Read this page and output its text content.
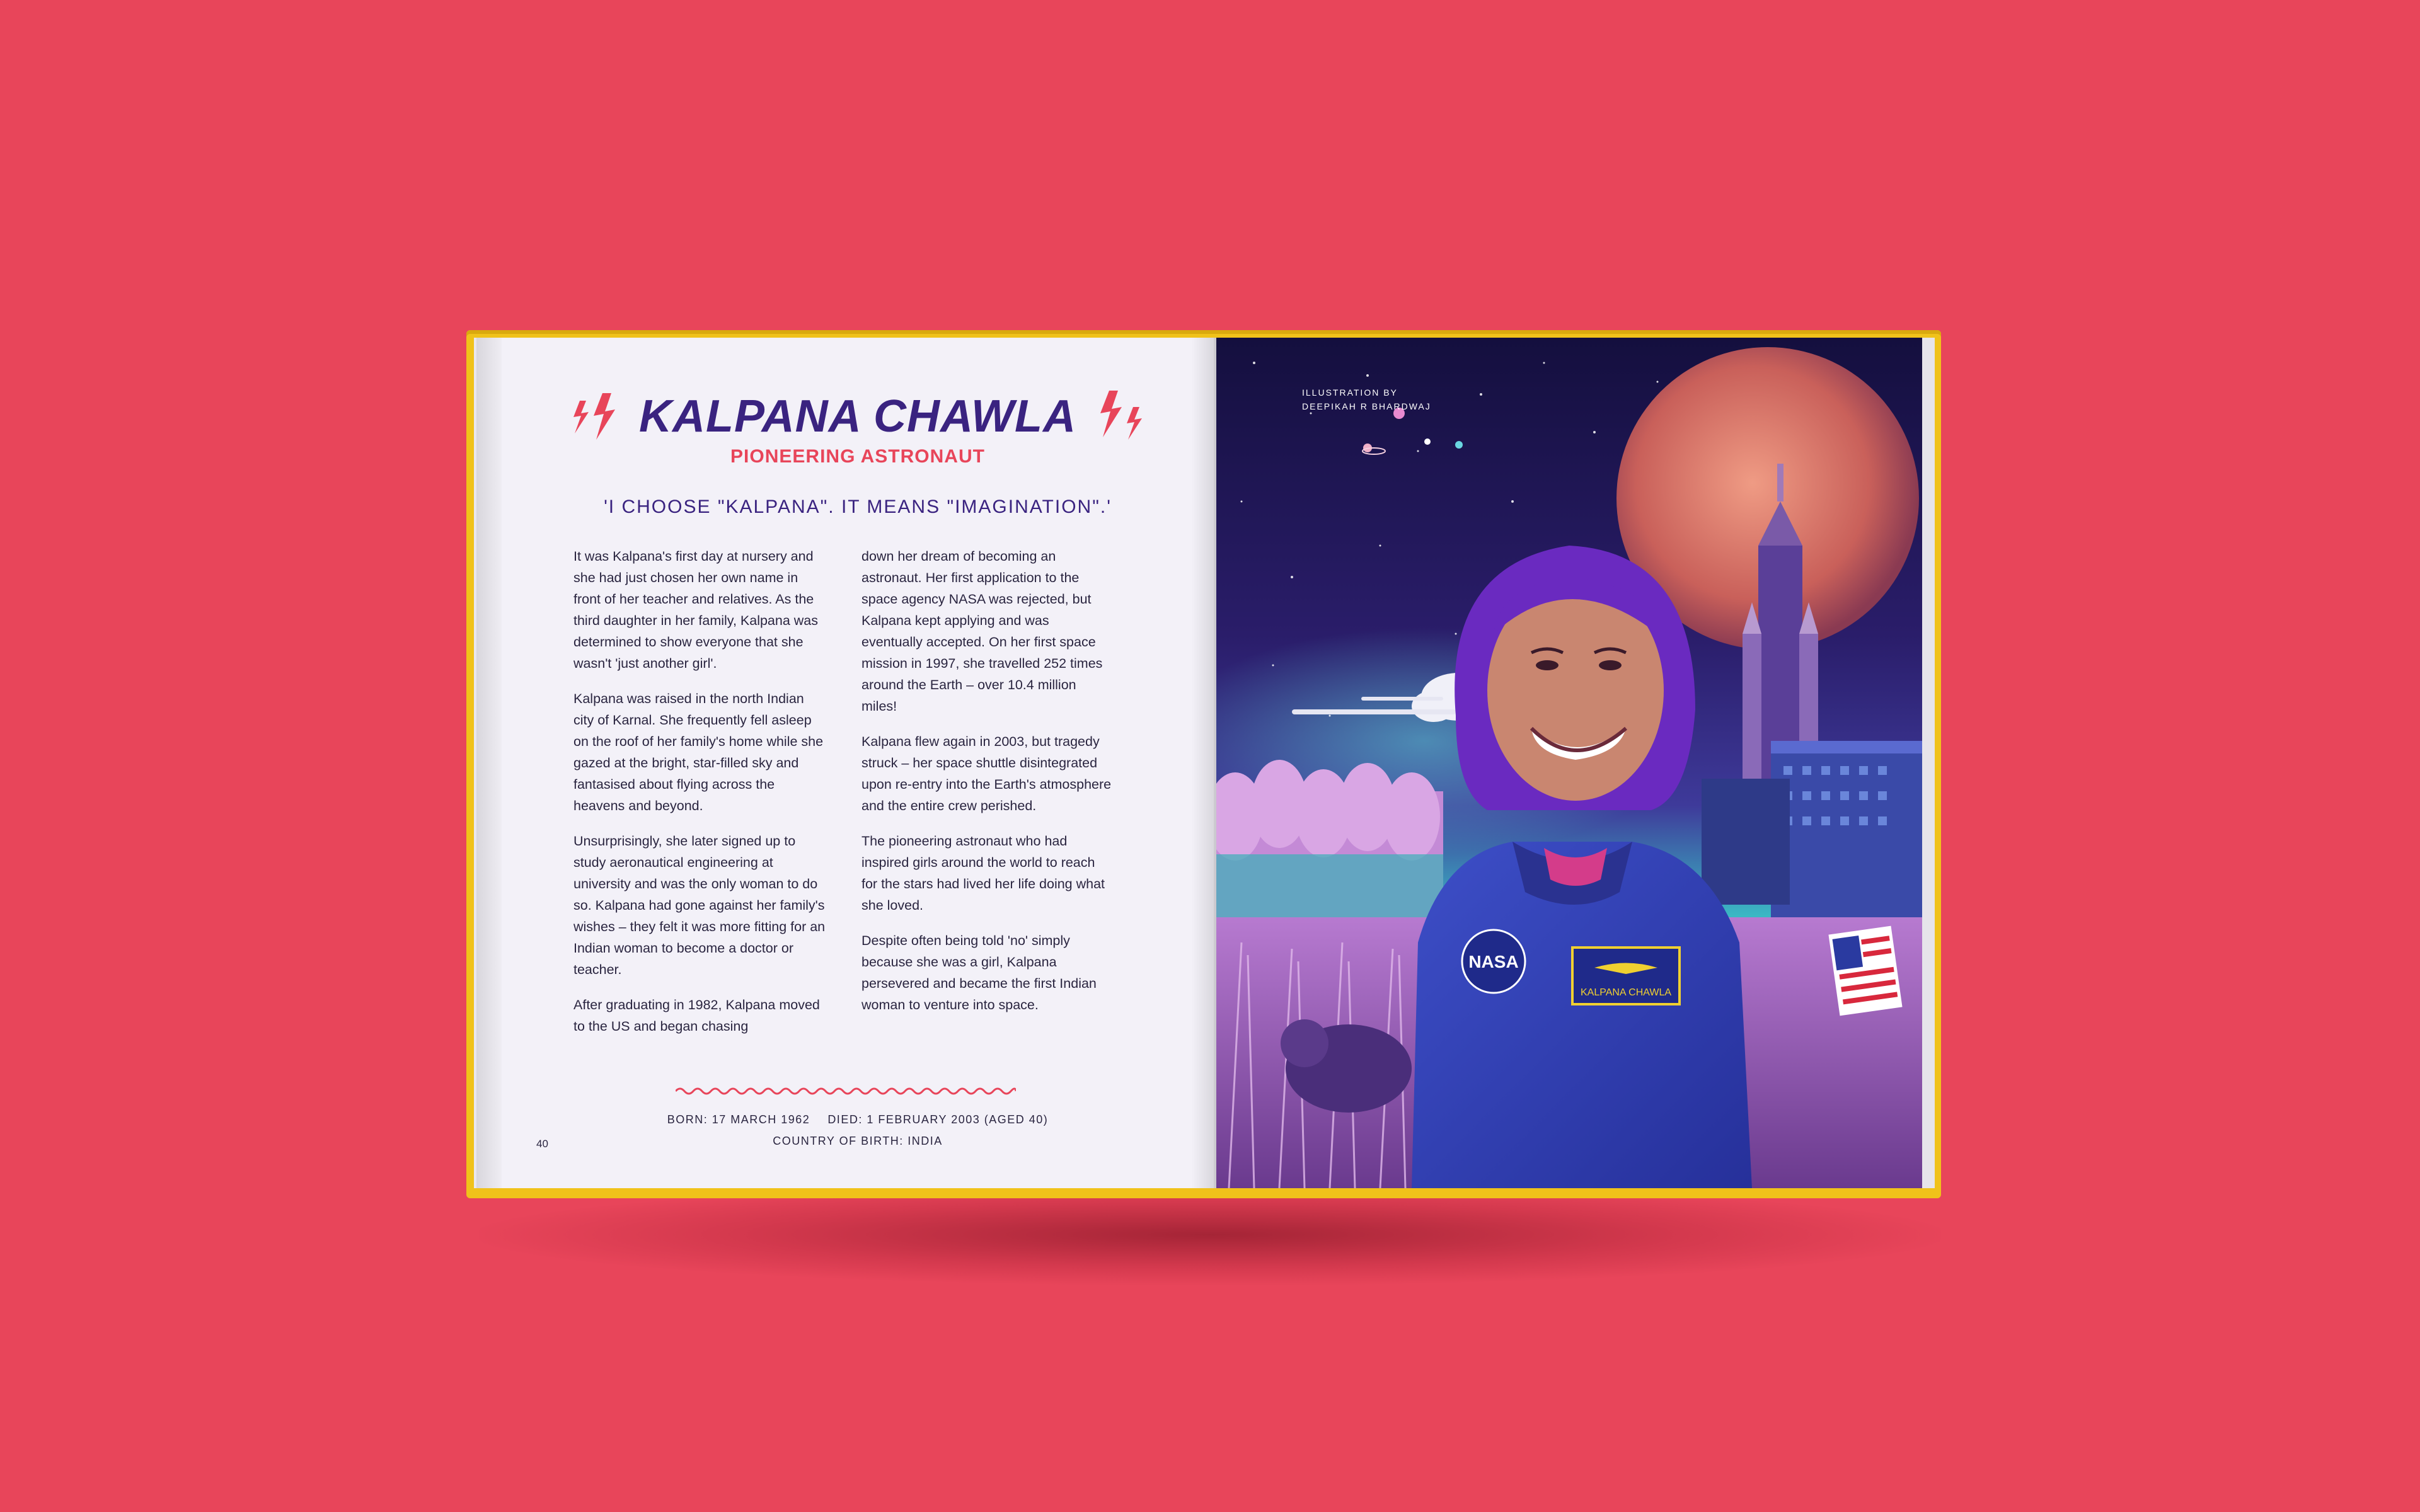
KALPANA CHAWLA
PIONEERING ASTRONAUT
'I CHOOSE "KALPANA". IT MEANS "IMAGINATION".'

It was Kalpana's first day at nursery and she had just chosen her own name in front of her teacher and relatives. As the third daughter in her family, Kalpana was determined to show everyone that she wasn't 'just another girl'.

Kalpana was raised in the north Indian city of Karnal. She frequently fell asleep on the roof of her family's home while she gazed at the bright, star-filled sky and fantasised about flying across the heavens and beyond.

Unsurprisingly, she later signed up to study aeronautical engineering at university and was the only woman to do so. Kalpana had gone against her family's wishes – they felt it was more fitting for an Indian woman to become a doctor or teacher.

After graduating in 1982, Kalpana moved to the US and began chasing

down her dream of becoming an astronaut. Her first application to the space agency NASA was rejected, but Kalpana kept applying and was eventually accepted. On her first space mission in 1997, she travelled 252 times around the Earth – over 10.4 million miles!

Kalpana flew again in 2003, but tragedy struck – her space shuttle disintegrated upon re-entry into the Earth's atmosphere and the entire crew perished.

The pioneering astronaut who had inspired girls around the world to reach for the stars had lived her life doing what she loved.

Despite often being told 'no' simply because she was a girl, Kalpana persevered and became the first Indian woman to venture into space.

BORN: 17 MARCH 1962 DIED: 1 FEBRUARY 2003 (AGED 40)
COUNTRY OF BIRTH: INDIA
40
ILLUSTRATION BY
DEEPIKAH R BHARDWAJ
NASA
KALPANA CHAWLA
